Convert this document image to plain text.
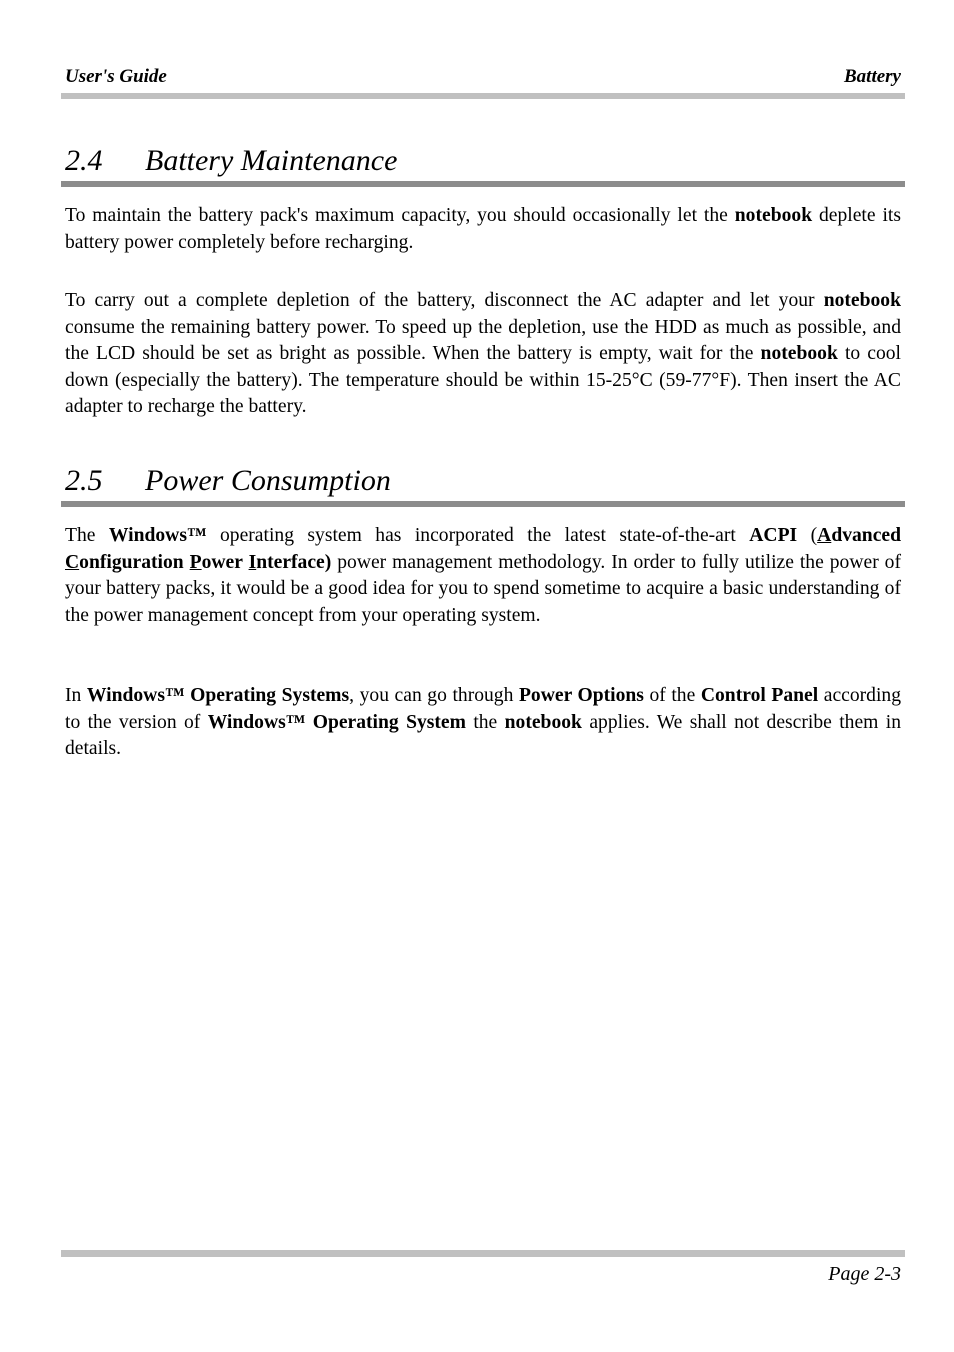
User's Guide	Battery
2.4 Battery Maintenance

To maintain the battery pack's maximum capacity, you should occasionally let the notebook deplete its battery power completely before recharging.

To carry out a complete depletion of the battery, disconnect the AC adapter and let your notebook consume the remaining battery power. To speed up the depletion, use the HDD as much as possible, and the LCD should be set as bright as possible. When the battery is empty, wait for the notebook to cool down (especially the battery). The temperature should be within 15-25°C (59-77°F). Then insert the AC adapter to recharge the battery.

2.5 Power Consumption

The Windows™ operating system has incorporated the latest state-of-the-art ACPI (Advanced Configuration Power Interface) power management methodology. In order to fully utilize the power of your battery packs, it would be a good idea for you to spend sometime to acquire a basic understanding of the power management concept from your operating system.

In Windows™ Operating Systems, you can go through Power Options of the Control Panel according to the version of Windows™ Operating System the notebook applies. We shall not describe them in details.

Page 2-3
